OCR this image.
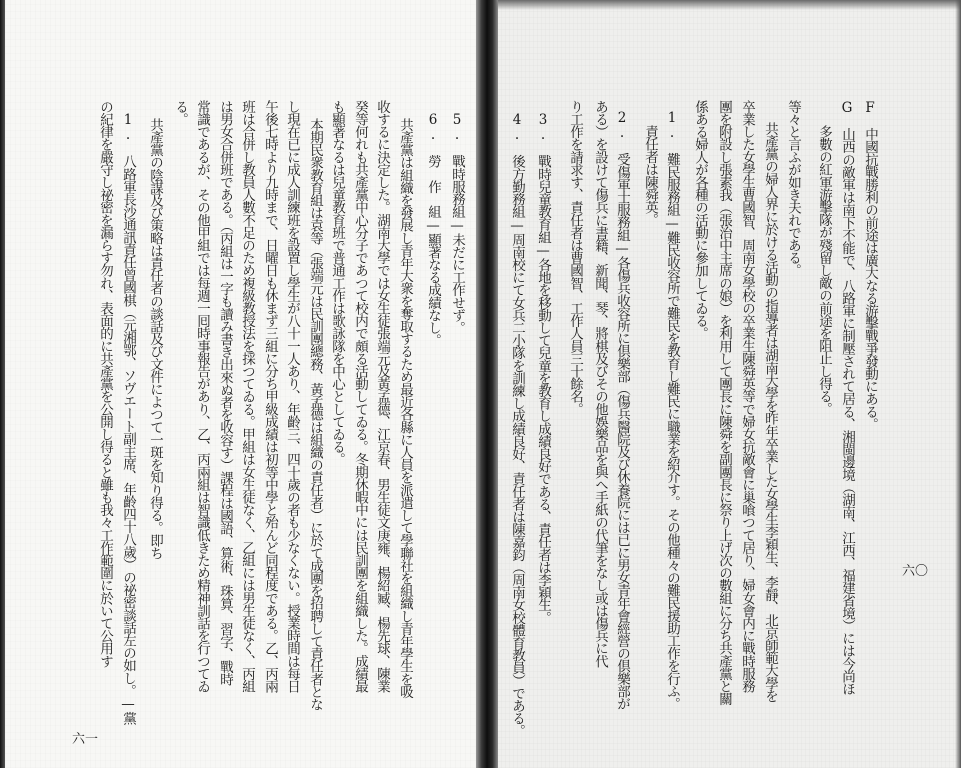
六〇
F　中國抗戰勝利の前途は廣大なる游擊戰爭發動にある。
G　山西の敵軍は南下不能で、八路軍に制壓されて居る、湘閩邊境（湖南、江西、福建省境）には今尚ほ
多數の紅軍游擊隊が殘留し敵の前途を阻止し得る。
等々と言ふが如き夫れである。
共產黨の婦人界に於ける活動の指導者は湖南大學を昨年卒業した女學生李穎生、李靜、北京師範大學を
卒業した女學生曹國智、周南女學校の卒業生陳舜英等で婦女抗敵會に巢喰つて居り、婦女會内に戰時服務
團を附設し張素我（張治中主席の娘）を利用して團長に陳舜を副團長に祭り上げ次の數組に分ち共產黨と關
係ある婦人が各種の活動に參加してゐる。
1.　難民服務組—難民收容所で難民を教育し難民に職業を紹介す。その他種々の難民援助工作を行ふ。
責任者は陳舜英。
2.　受傷軍士服務組—各傷兵收容所に倶樂部（傷兵醫院及び休養院には已に男女青年會經營の倶樂部が
ある）を設けて傷兵に書籍、新聞、琴、將棋及びその他娛樂品を與へ手紙の代筆をなし或は傷兵に代
り工作を請求す、責任者は曹國智、工作人員三十餘名。
3.　戰時兒童教育組—各地を移動して兒童を教育し成績良好である、責任者は李穎生。
4.　後方勤務組—周南校にて女兵二小隊を訓練し成績良好、責任者は陳嘉鈞（周南女校體育教員）である。
5.　戰時服務組—未だに工作せず。
6.　勞　作　組—顯著なる成績なし。
共產黨は組織を發展し青年大衆を奪取するため最近各縣に人員を派遣して學聯社を組織し青年學生を吸
收するに決定した。湖南大學では女生徒張端元及黃孟德、江京春、男生徒文庚雍、楊紹臧、楊先球、陳業
癸等何れも共產黨中心分子であつて校内で頗る活動してゐる。冬期休暇中には民訓團を組織した。成績最
も顯著なるは兒童教育班で普通工作は歌詠隊を中心としてゐる。
本期民衆教育組は袁等（張端元は民訓團總務、黃孟德は組織の責任者）に於て成團を招聘して責任者とな
し現在已に成人訓練班を設置し學生が八十一人あり、年齡三、四十歲の者も少なくない。授業時間は每日
午後七時より九時まで、日曜日も休まず三組に分ち甲級成績は初等中學と殆んど同程度である。乙、丙兩
班は合併し教員人數不足のため複級教授法を採つてゐる。甲組は女生徒なく、乙組には男生徒なく、丙組
は男女合併班である。（丙組は一字も讀み書き出來ぬ者を收容す）課程は國語、算術、珠算、習字、戰時
常識であるが、その他甲組では每週一囘時事報告があり、乙、丙兩組は智識低きため精神訓話を行つてゐ
る。
共產黨の陰謀及び策略は責任者の談話及び文件によつて一斑を知り得る。即ち
1.　八路軍長沙通訊責任曾國棋（元湘鄂、ソヴエート副主席、年齡四十八歲）の祕密談話左の如し。—黨
の紀律を嚴守し祕密を漏らす勿れ、表面的に共產黨を公開し得ると雖も我々工作範圍に於いて公用す
六一
